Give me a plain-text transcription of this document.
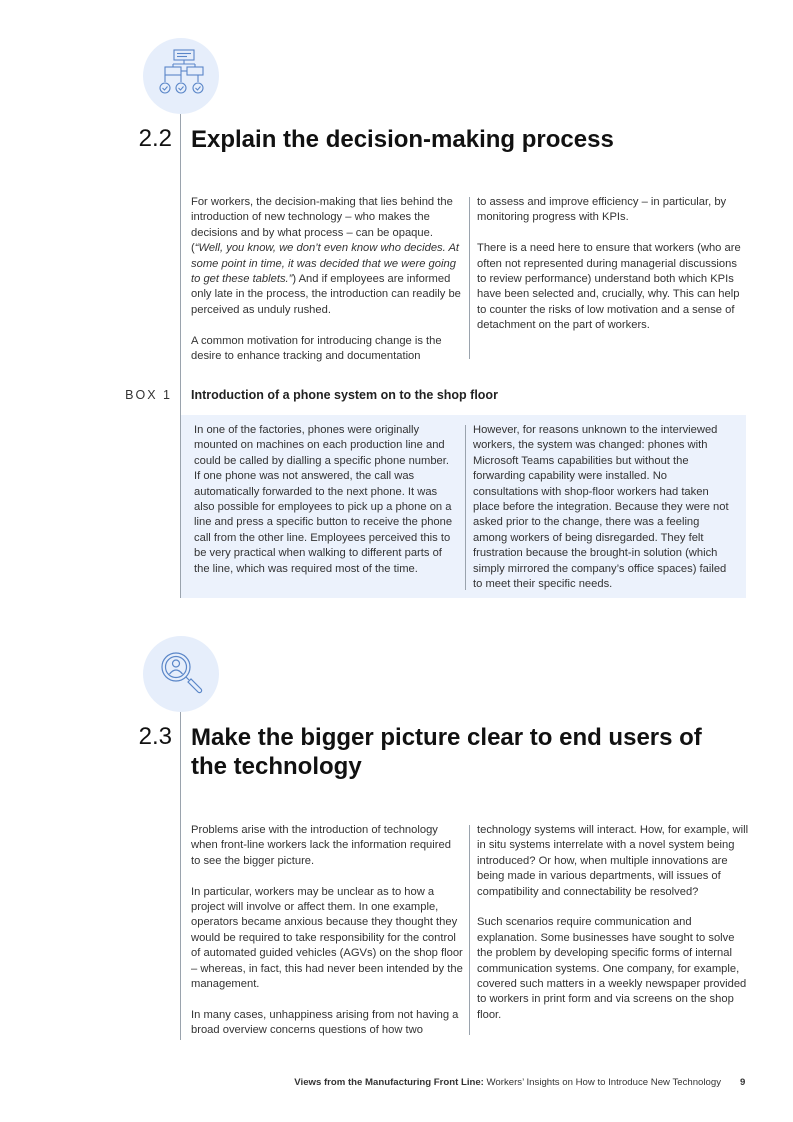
2.2 Explain the decision-making process

For workers, the decision-making that lies behind the introduction of new technology – who makes the decisions and by what process – can be opaque. (“Well, you know, we don’t even know who decides. At some point in time, it was decided that we were going to get these tablets.”) And if employees are informed only late in the process, the introduction can readily be perceived as unduly rushed.

A common motivation for introducing change is the desire to enhance tracking and documentation

to assess and improve efficiency – in particular, by monitoring progress with KPIs.

There is a need here to ensure that workers (who are often not represented during managerial discussions to review performance) understand both which KPIs have been selected and, crucially, why. This can help to counter the risks of low motivation and a sense of detachment on the part of workers.

BOX 1 Introduction of a phone system on to the shop floor
In one of the factories, phones were originally mounted on machines on each production line and could be called by dialling a specific phone number. If one phone was not answered, the call was automatically forwarded to the next phone. It was also possible for employees to pick up a phone on a line and press a specific button to receive the phone call from the other line. Employees perceived this to be very practical when walking to different parts of the line, which was required most of the time.
However, for reasons unknown to the interviewed workers, the system was changed: phones with Microsoft Teams capabilities but without the forwarding capability were installed. No consultations with shop-floor workers had taken place before the integration. Because they were not asked prior to the change, there was a feeling among workers of being disregarded. They felt frustration because the brought-in solution (which simply mirrored the company’s office spaces) failed to meet their specific needs.
2.3 Make the bigger picture clear to end users of
the technology

Problems arise with the introduction of technology when front-line workers lack the information required to see the bigger picture.

In particular, workers may be unclear as to how a project will involve or affect them. In one example, operators became anxious because they thought they would be required to take responsibility for the control of automated guided vehicles (AGVs) on the shop floor – whereas, in fact, this had never been intended by the management.

In many cases, unhappiness arising from not having a broad overview concerns questions of how two

technology systems will interact. How, for example, will in situ systems interrelate with a novel system being introduced? Or how, when multiple innovations are being made in various departments, will issues of compatibility and connectability be resolved?

Such scenarios require communication and explanation. Some businesses have sought to solve the problem by developing specific forms of internal communication systems. One company, for example, covered such matters in a weekly newspaper provided to workers in print form and via screens on the shop floor.

Views from the Manufacturing Front Line: Workers’ Insights on How to Introduce New Technology 9
